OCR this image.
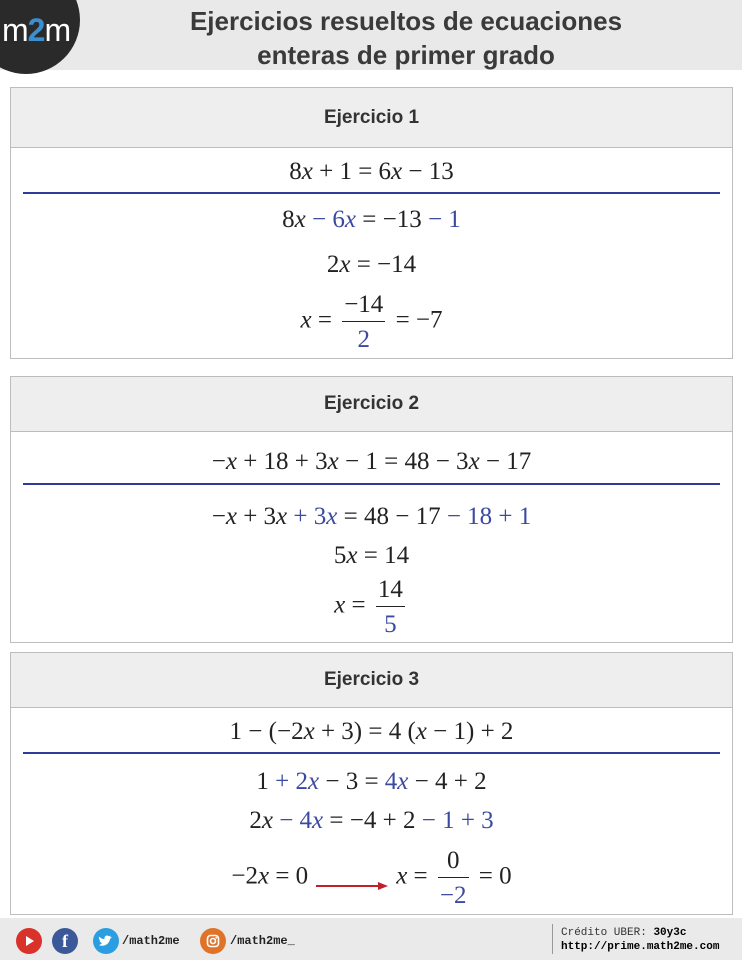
m2m	Ejercicios resueltos de ecuaciones
enteras de primer grado
Ejercicio 1
8x + 1 = 6x − 13
8x − 6x = −13 − 1
2x = −14
$x = \frac{-14}{2} = -7$
Ejercicio 2
−x + 18 + 3x − 1 = 48 − 3x − 17
−x + 3x + 3x = 48 − 17 − 18 + 1
5x = 14
$x = \frac{14}{5}$
Ejercicio 3
1 − (−2x + 3) = 4 (x − 1) + 2
1 + 2x − 3 = 4x − 4 + 2
2x − 4x = −4 + 2 − 1 + 3
−2x = 0	$x = \frac{0}{-2} = 0$
f	/math2me	/math2me_
Crédito UBER: 30y3c
http://prime.math2me.com
